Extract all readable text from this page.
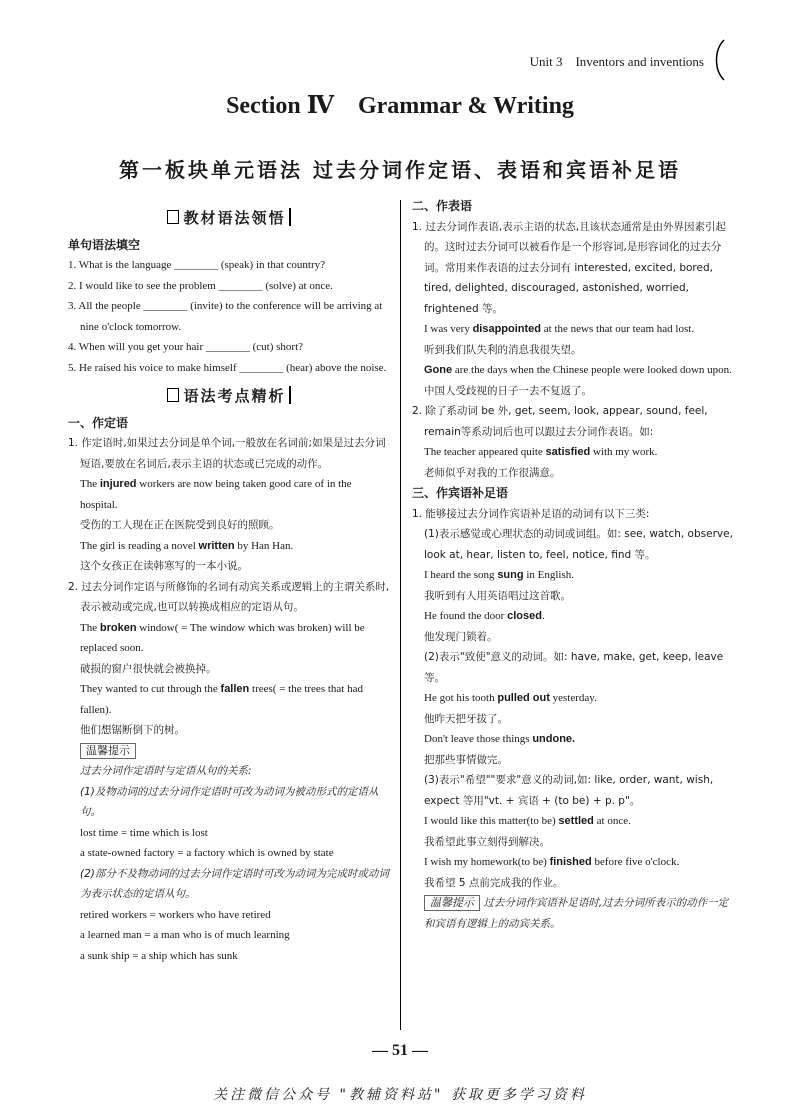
Unit 3    Inventors and inventions
Section Ⅳ    Grammar & Writing
第一板块单元语法 过去分词作定语、表语和宾语补足语
教材语法领悟
单句语法填空
1. What is the language ________ (speak) in that country?
2. I would like to see the problem ________ (solve) at once.
3. All the people ________ (invite) to the conference will be arriving at nine o'clock tomorrow.
4. When will you get your hair ________ (cut) short?
5. He raised his voice to make himself ________ (hear) above the noise.
语法考点精析
一、作定语
1. 作定语时,如果过去分词是单个词,一般放在名词前;如果是过去分词短语,要放在名词后,表示主语的状态或已完成的动作。
The injured workers are now being taken good care of in the hospital.
受伤的工人现在正在医院受到良好的照顾。
The girl is reading a novel written by Han Han.
这个女孩正在读韩寒写的一本小说。
2. 过去分词作定语与所修饰的名词有动宾关系或逻辑上的主谓关系时,表示被动或完成,也可以转换成相应的定语从句。
The broken window( = The window which was broken) will be replaced soon.
破损的窗户很快就会被换掉。
They wanted to cut through the fallen trees( = the trees that had fallen).
他们想锯断倒下的树。
温馨提示
过去分词作定语时与定语从句的关系:
(1)及物动词的过去分词作定语时可改为动词为被动形式的定语从句。
lost time = time which is lost
a state-owned factory = a factory which is owned by state
(2)部分不及物动词的过去分词作定语时可改为动词为完成时或动词为表示状态的定语从句。
retired workers = workers who have retired
a learned man = a man who is of much learning
a sunk ship = a ship which has sunk
二、作表语
1. 过去分词作表语,表示主语的状态,且该状态通常是由外界因素引起的。这时过去分词可以被看作是一个形容词,是形容词化的过去分词。常用来作表语的过去分词有 interested, excited, bored, tired, delighted, discouraged, astonished, worried, frightened 等。
I was very disappointed at the news that our team had lost.
听到我们队失利的消息我很失望。
Gone are the days when the Chinese people were looked down upon.
中国人受歧视的日子一去不复返了。
2. 除了系动词 be 外, get, seem, look, appear, sound, feel, remain等系动词后也可以跟过去分词作表语。如:
The teacher appeared quite satisfied with my work.
老师似乎对我的工作很满意。
三、作宾语补足语
1. 能够接过去分词作宾语补足语的动词有以下三类:
(1)表示感觉或心理状态的动词或词组。如: see, watch, observe, look at, hear, listen to, feel, notice, find 等。
I heard the song sung in English.
我听到有人用英语唱过这首歌。
He found the door closed.
他发现门锁着。
(2)表示"致使"意义的动词。如: have, make, get, keep, leave 等。
He got his tooth pulled out yesterday.
他昨天把牙拔了。
Don't leave those things undone.
把那些事情做完。
(3)表示"希望""要求"意义的动词,如: like, order, want, wish, expect 等用"vt. + 宾语 + (to be) + p. p"。
I would like this matter(to be) settled at once.
我希望此事立刻得到解决。
I wish my homework(to be) finished before five o'clock.
我希望 5 点前完成我的作业。
温馨提示 过去分词作宾语补足语时,过去分词所表示的动作一定和宾语有逻辑上的动宾关系。
— 51 —
关注微信公众号 "教辅资料站" 获取更多学习资料
